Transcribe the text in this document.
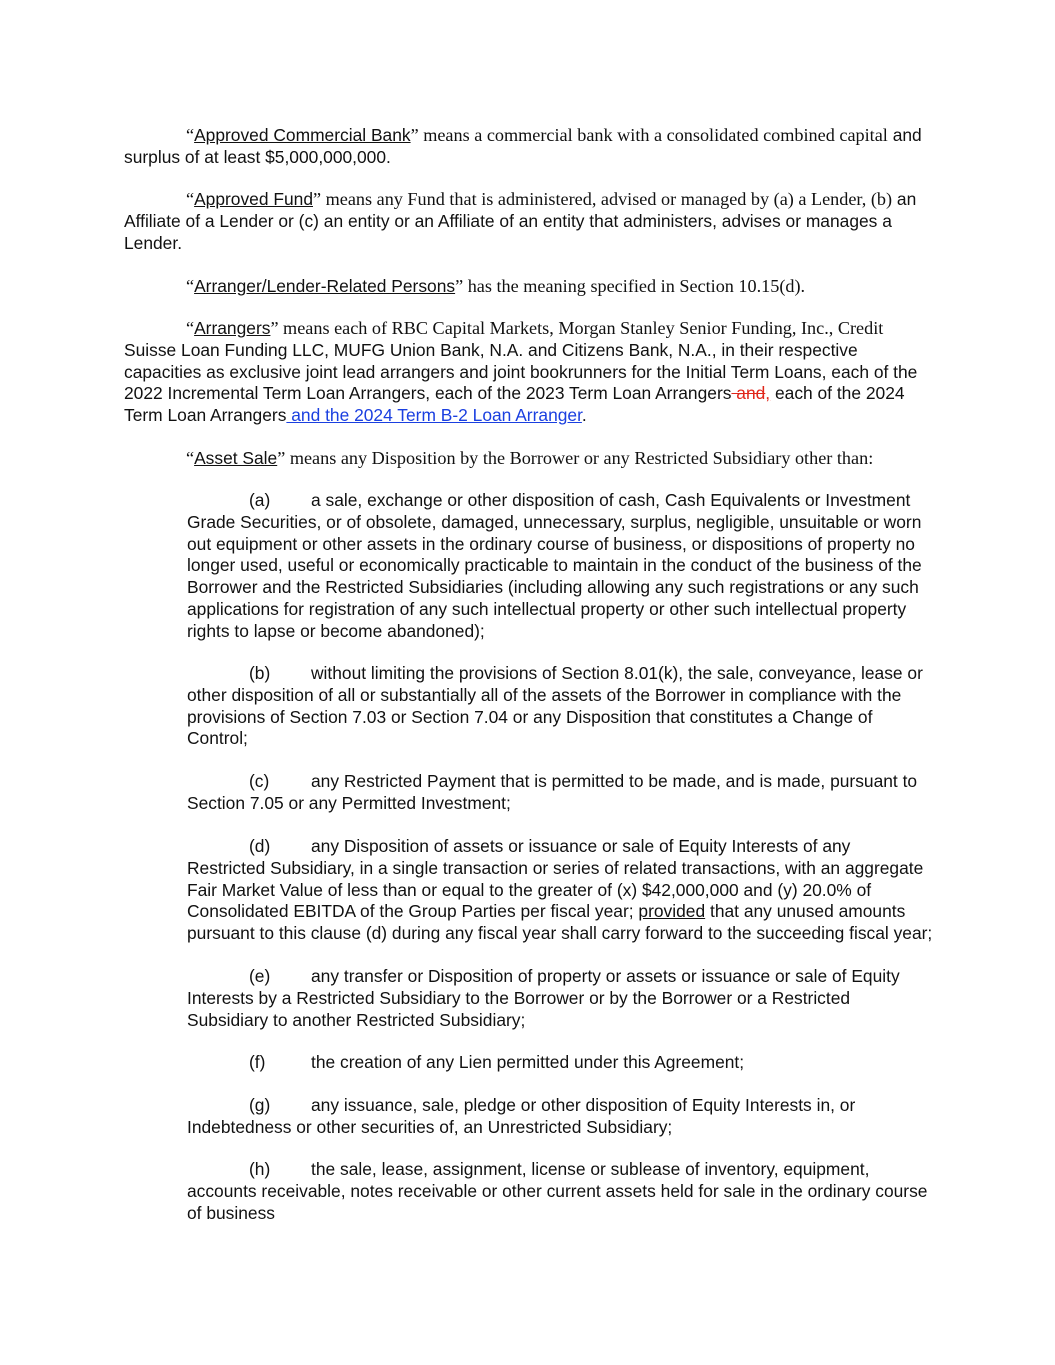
“Approved Commercial Bank” means a commercial bank with a consolidated combined capital and surplus of at least $5,000,000,000.

“Approved Fund” means any Fund that is administered, advised or managed by (a) a Lender, (b) an Affiliate of a Lender or (c) an entity or an Affiliate of an entity that administers, advises or manages a Lender.

“Arranger/Lender-Related Persons” has the meaning specified in Section 10.15(d).

“Arrangers” means each of RBC Capital Markets, Morgan Stanley Senior Funding, Inc., Credit Suisse Loan Funding LLC, MUFG Union Bank, N.A. and Citizens Bank, N.A., in their respective capacities as exclusive joint lead arrangers and joint bookrunners for the Initial Term Loans, each of the 2022 Incremental Term Loan Arrangers, each of the 2023 Term Loan Arrangers and, each of the 2024 Term Loan Arrangers and the 2024 Term B-2 Loan Arranger.

“Asset Sale” means any Disposition by the Borrower or any Restricted Subsidiary other than:

(a) a sale, exchange or other disposition of cash, Cash Equivalents or Investment Grade Securities, or of obsolete, damaged, unnecessary, surplus, negligible, unsuitable or worn out equipment or other assets in the ordinary course of business, or dispositions of property no longer used, useful or economically practicable to maintain in the conduct of the business of the Borrower and the Restricted Subsidiaries (including allowing any such registrations or any such applications for registration of any such intellectual property or other such intellectual property rights to lapse or become abandoned);

(b) without limiting the provisions of Section 8.01(k), the sale, conveyance, lease or other disposition of all or substantially all of the assets of the Borrower in compliance with the provisions of Section 7.03 or Section 7.04 or any Disposition that constitutes a Change of Control;

(c) any Restricted Payment that is permitted to be made, and is made, pursuant to Section 7.05 or any Permitted Investment;

(d) any Disposition of assets or issuance or sale of Equity Interests of any Restricted Subsidiary, in a single transaction or series of related transactions, with an aggregate Fair Market Value of less than or equal to the greater of (x) $42,000,000 and (y) 20.0% of Consolidated EBITDA of the Group Parties per fiscal year; provided that any unused amounts pursuant to this clause (d) during any fiscal year shall carry forward to the succeeding fiscal year;

(e) any transfer or Disposition of property or assets or issuance or sale of Equity Interests by a Restricted Subsidiary to the Borrower or by the Borrower or a Restricted Subsidiary to another Restricted Subsidiary;

(f)	the creation of any Lien permitted under this Agreement;

(g) any issuance, sale, pledge or other disposition of Equity Interests in, or Indebtedness or other securities of, an Unrestricted Subsidiary;

(h) the sale, lease, assignment, license or sublease of inventory, equipment, accounts receivable, notes receivable or other current assets held for sale in the ordinary course of business
